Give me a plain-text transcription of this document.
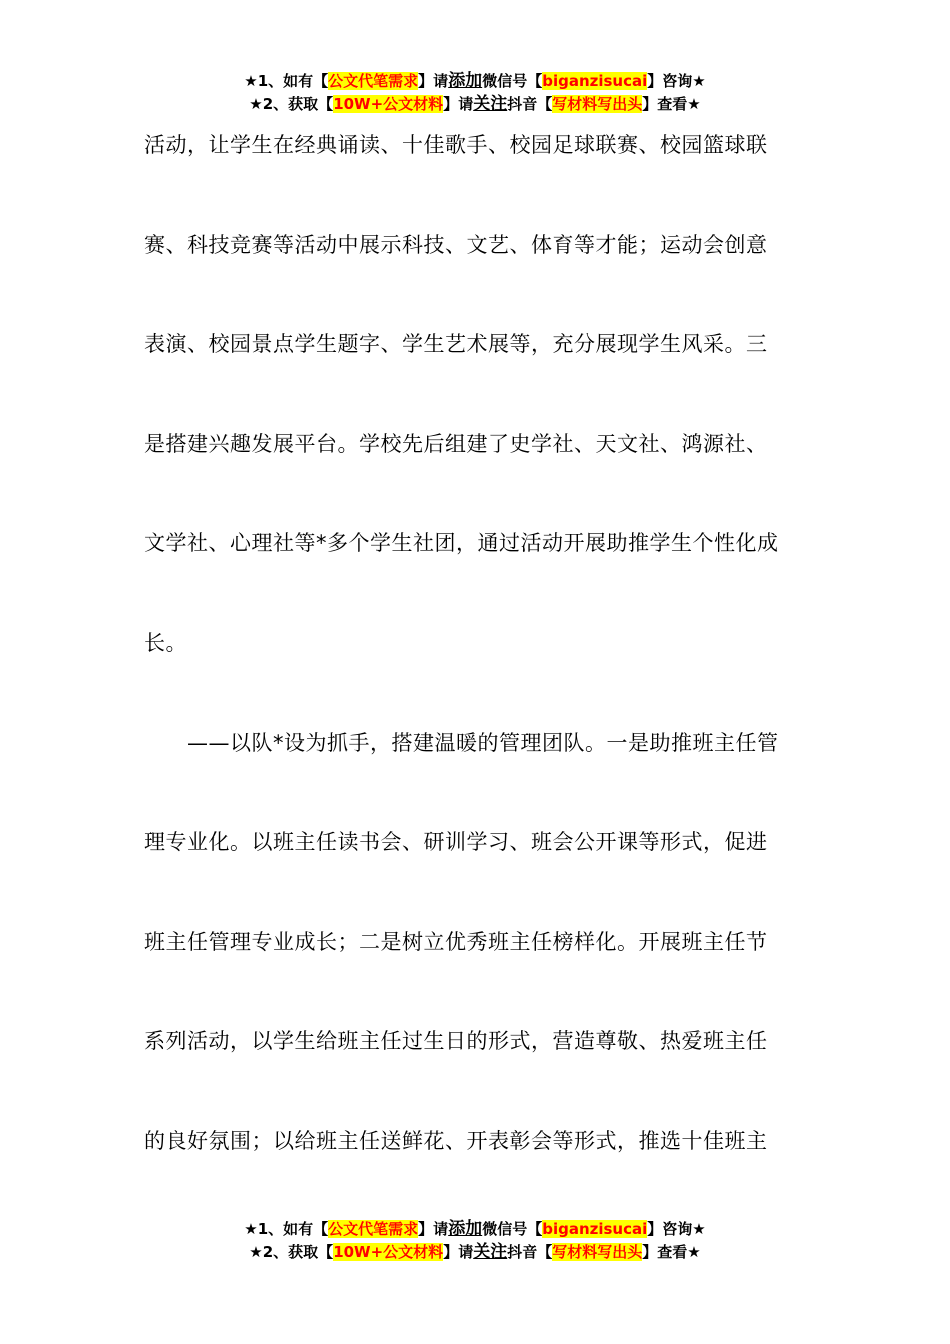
★1、如有【公文代笔需求】请添加微信号【biganzisucai】咨询★
★2、获取【10W+公文材料】请关注抖音【写材料写出头】查看★
活动，让学生在经典诵读、十佳歌手、校园足球联赛、校园篮球联
赛、科技竞赛等活动中展示科技、文艺、体育等才能；运动会创意
表演、校园景点学生题字、学生艺术展等，充分展现学生风采。三
是搭建兴趣发展平台。学校先后组建了史学社、天文社、鸿源社、
文学社、心理社等*多个学生社团，通过活动开展助推学生个性化成
长。
　　——以队*设为抓手，搭建温暖的管理团队。一是助推班主任管
理专业化。以班主任读书会、研训学习、班会公开课等形式，促进
班主任管理专业成长；二是树立优秀班主任榜样化。开展班主任节
系列活动，以学生给班主任过生日的形式，营造尊敬、热爱班主任
的良好氛围；以给班主任送鲜花、开表彰会等形式，推选十佳班主
★1、如有【公文代笔需求】请添加微信号【biganzisucai】咨询★
★2、获取【10W+公文材料】请关注抖音【写材料写出头】查看★
